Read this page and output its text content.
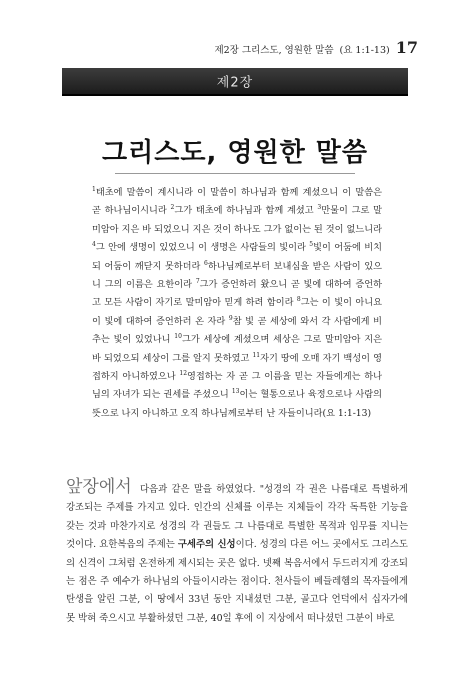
제2장 그리스도, 영원한 말씀 (요 1:1-13) 17
제2장
그리스도, 영원한 말씀
$^1$태초에 말씀이 계시니라 이 말씀이 하나님과 함께 계셨으니 이 말씀은 곧 하나님이시니라 $^2$그가 태초에 하나님과 함께 계셨고 $^3$만물이 그로 말미암아 지은 바 되었으니 지은 것이 하나도 그가 없이는 된 것이 없느니라 $^4$그 안에 생명이 있었으니 이 생명은 사람들의 빛이라 $^5$빛이 어둠에 비치되 어둠이 깨닫지 못하더라 $^6$하나님께로부터 보내심을 받은 사람이 있으니 그의 이름은 요한이라 $^7$그가 증언하러 왔으니 곧 빛에 대하여 증언하고 모든 사람이 자기로 말미암아 믿게 하려 함이라 $^8$그는 이 빛이 아니요 이 빛에 대하여 증언하러 온 자라 $^9$참 빛 곧 세상에 와서 각 사람에게 비추는 빛이 있었나니 $^{10}$그가 세상에 계셨으며 세상은 그로 말미암아 지은 바 되었으되 세상이 그를 알지 못하였고 $^{11}$자기 땅에 오매 자기 백성이 영접하지 아니하였으나 $^{12}$영접하는 자 곧 그 이름을 믿는 자들에게는 하나님의 자녀가 되는 권세를 주셨으니 $^{13}$이는 혈통으로나 육정으로나 사람의 뜻으로 나지 아니하고 오직 하나님께로부터 난 자들이니라(요 1:1-13)
앞장에서 다음과 같은 말을 하였었다. "성경의 각 권은 나름대로 특별하게 강조되는 주제를 가지고 있다. 인간의 신체를 이루는 지체들이 각각 독특한 기능을 갖는 것과 마찬가지로 성경의 각 권들도 그 나름대로 특별한 목적과 임무를 지니는 것이다. 요한복음의 주제는 구세주의 신성이다. 성경의 다른 어느 곳에서도 그리스도의 신격이 그처럼 온전하게 제시되는 곳은 없다. 넷째 복음서에서 두드러지게 강조되는 점은 주 예수가 하나님의 아들이시라는 점이다. 천사들이 베들레헴의 목자들에게 탄생을 알린 그분, 이 땅에서 33년 동안 지내셨던 그분, 골고다 언덕에서 십자가에 못 박혀 죽으시고 부활하셨던 그분, 40일 후에 이 지상에서 떠나셨던 그분이 바로
